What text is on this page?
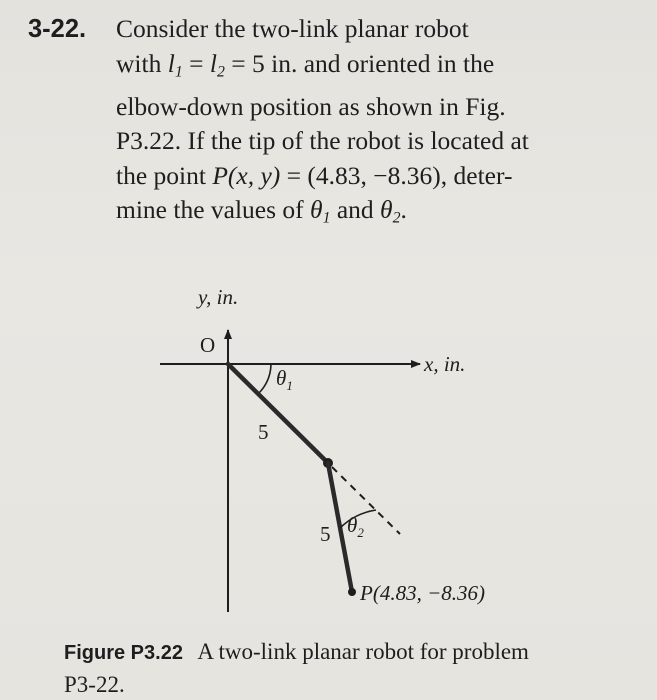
3-22. Consider the two-link planar robot

with $l_1 = l_2 = 5$ in. and oriented in the

elbow-down position as shown in Fig.

P3.22. If the tip of the robot is located at

the point P(x, y) = (4.83, −8.36), deter-

mine the values of $\theta_1$ and $\theta_2$.

y, in.
O
x, in.
$\theta_1$
$\theta_2$
5
5
P(4.83, −8.36)
Figure P3.22 A two-link planar robot for problem P3-22.
